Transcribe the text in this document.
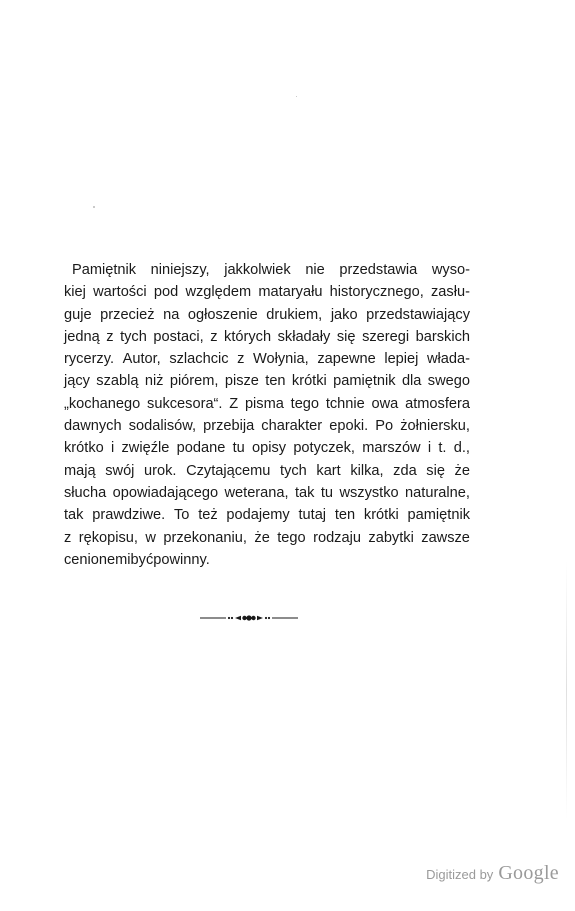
Pamiętnik niniejszy, jakkolwiek nie przedstawia wyso-
kiej wartości pod względem mataryału historycznego, zasłu-
guje przecież na ogłoszenie drukiem, jako przedstawiający
jedną z tych postaci, z których składały się szeregi barskich
rycerzy. Autor, szlachcic z Wołynia, zapewne lepiej włada-
jący szablą niż piórem, pisze ten krótki pamiętnik dla swego
„kochanego sukcesora“. Z pisma tego tchnie owa atmosfera
dawnych sodalisów, przebija charakter epoki. Po żołniersku,
krótko i zwięźle podane tu opisy potyczek, marszów i t. d.,
mają swój urok. Czytającemu tych kart kilka, zda się że
słucha opowiadającego weterana, tak tu wszystko naturalne,
tak prawdziwe. To też podajemy tutaj ten krótki pamiętnik
z rękopisu, w przekonaniu, że tego rodzaju zabytki zawsze
cenionemi być powinny.
Digitized by Google
